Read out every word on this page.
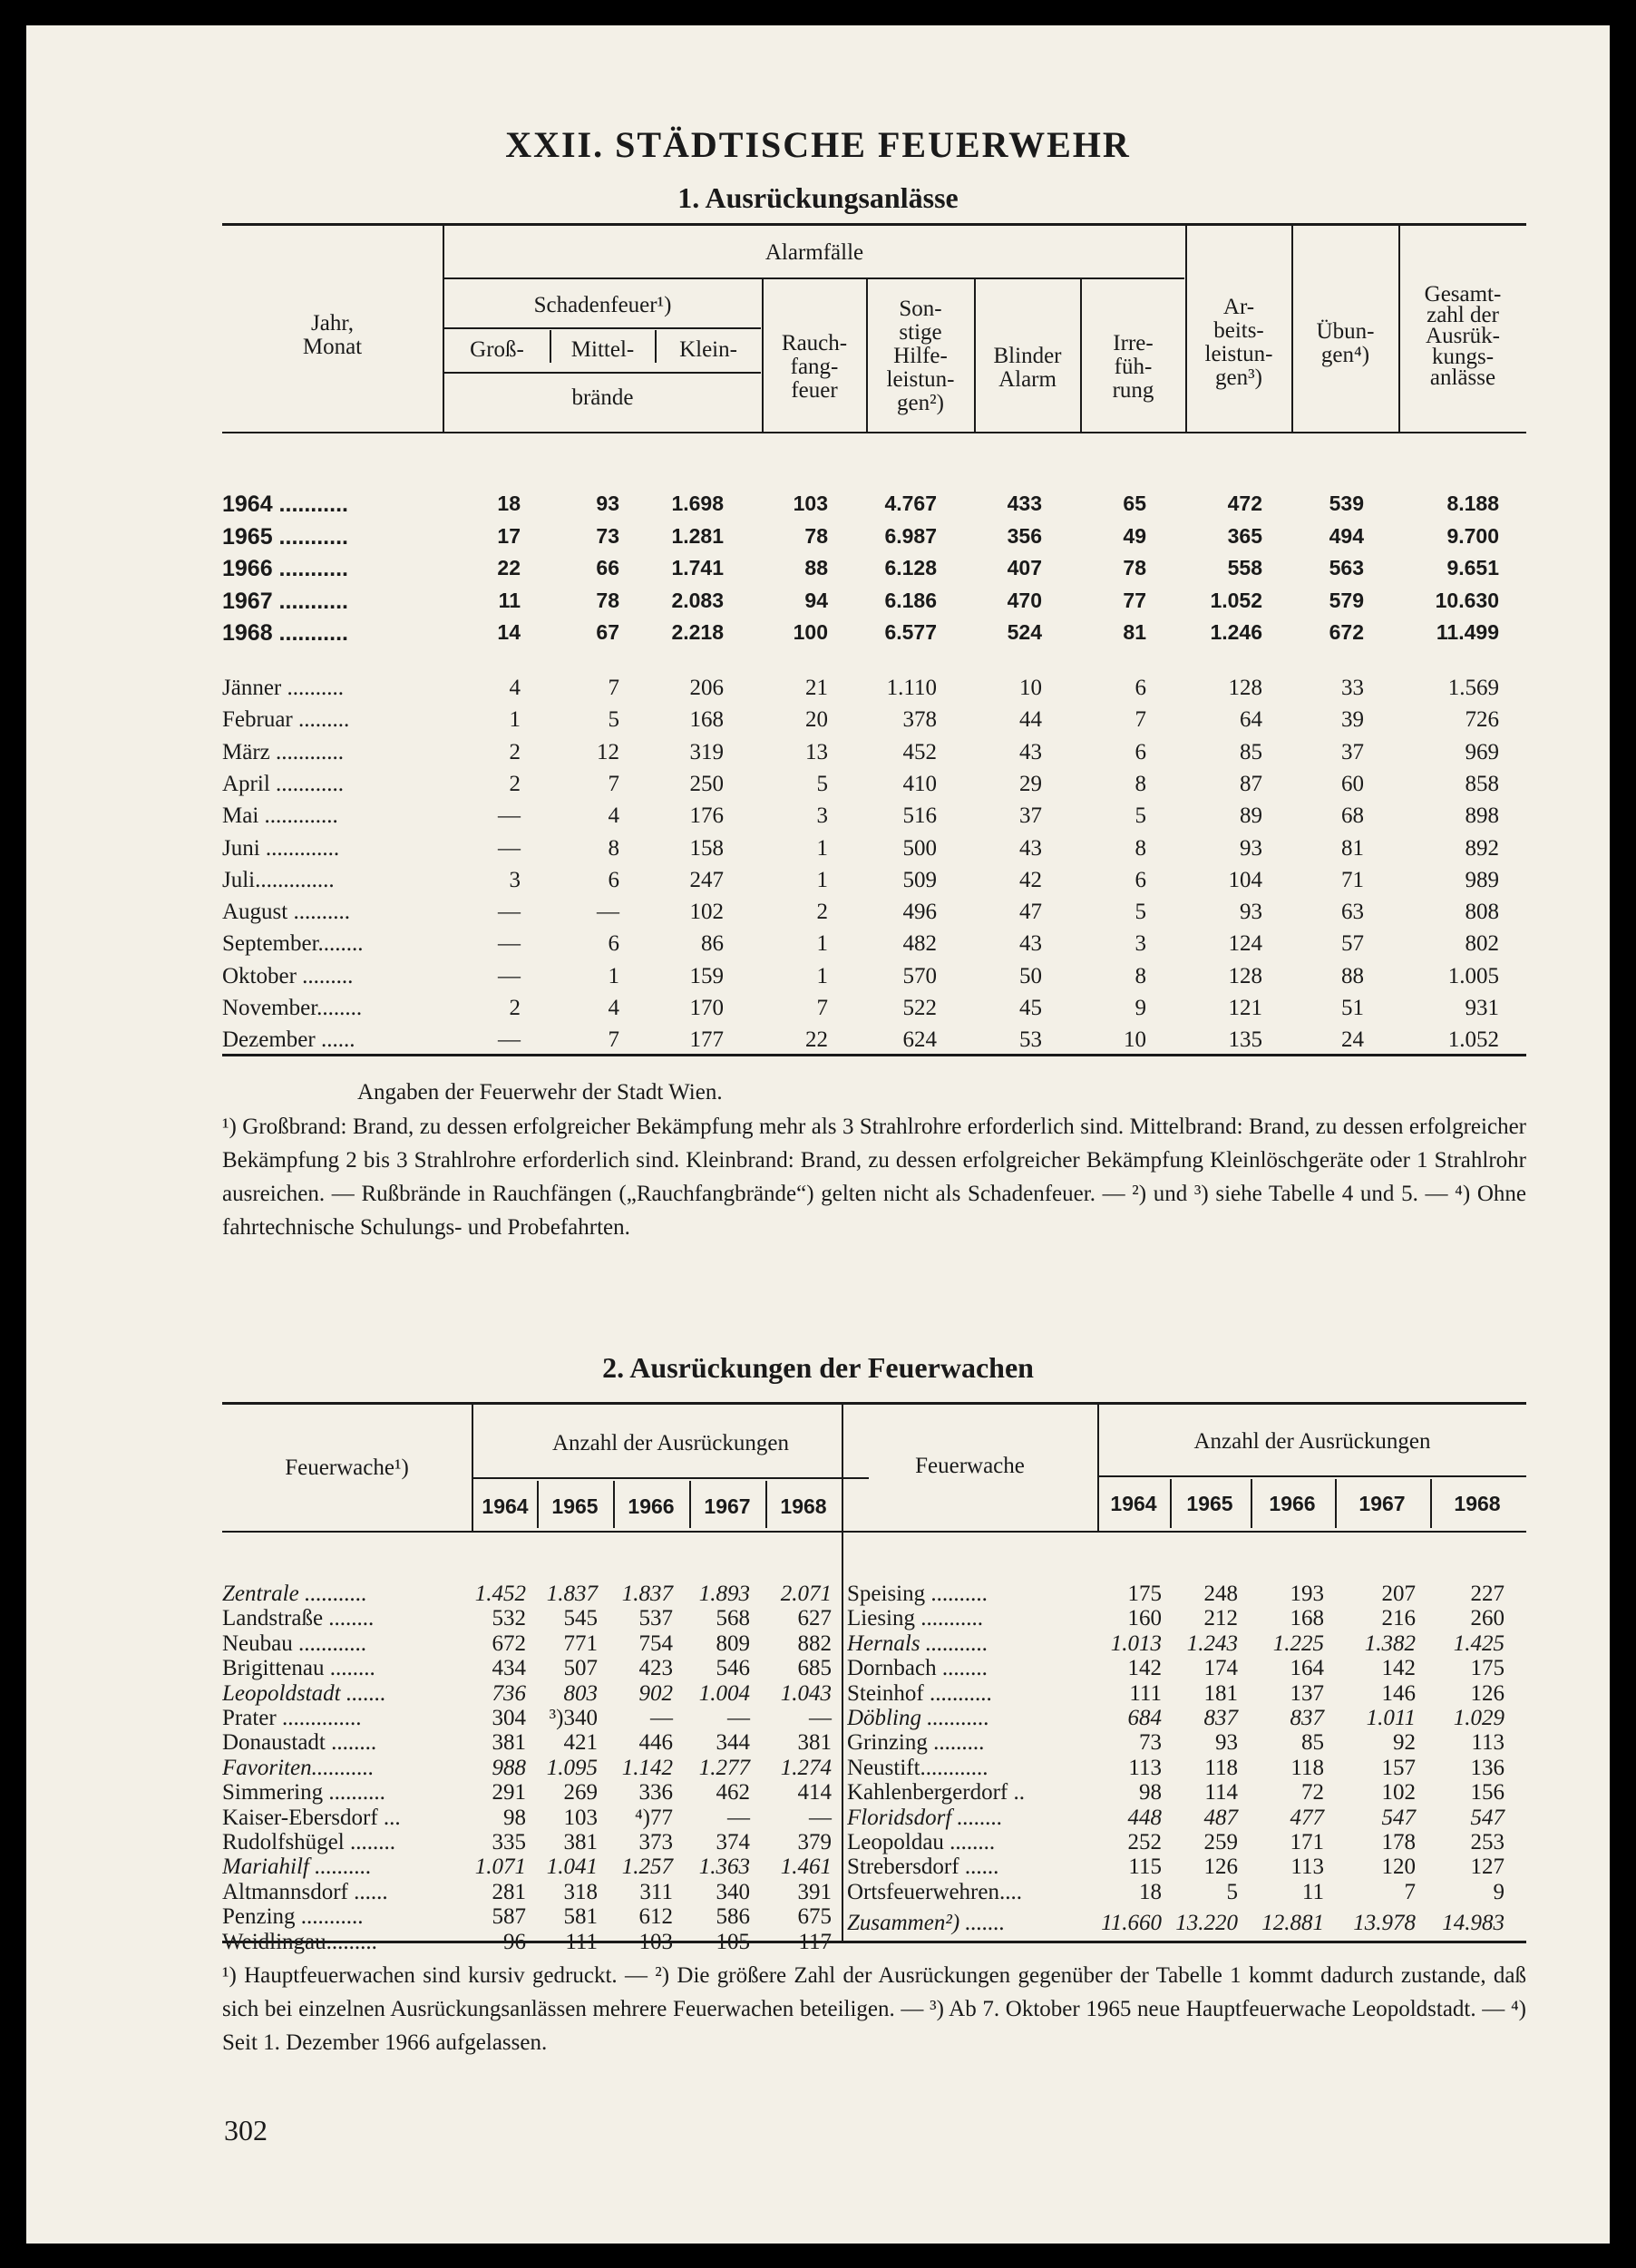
XXII. STÄDTISCHE FEUERWEHR
1. Ausrückungsanlässe
Jahr,
Monat
Alarmfälle
Schadenfeuer¹)
Groß-	Mittel-	Klein-
brände
Rauch-
fang-
feuer
Son-
stige
Hilfe-
leistun-
gen²)
Blinder
Alarm
Irre-
füh-
rung
Ar-
beits-
leistun-
gen³)
Übun-
gen⁴)
Gesamt-
zahl der
Ausrük-
kungs-
anlässe
1964 ...........	18	93	1.698	103	4.767	433	65	472	539	8.188
1965 ...........	17	73	1.281	78	6.987	356	49	365	494	9.700
1966 ...........	22	66	1.741	88	6.128	407	78	558	563	9.651
1967 ...........	11	78	2.083	94	6.186	470	77	1.052	579	10.630
1968 ...........	14	67	2.218	100	6.577	524	81	1.246	672	11.499
Jänner ..........	4	7	206	21	1.110	10	6	128	33	1.569
Februar .........	1	5	168	20	378	44	7	64	39	726
März ............	2	12	319	13	452	43	6	85	37	969
April ............	2	7	250	5	410	29	8	87	60	858
Mai .............	—	4	176	3	516	37	5	89	68	898
Juni .............	—	8	158	1	500	43	8	93	81	892
Juli..............	3	6	247	1	509	42	6	104	71	989
August ..........	—	—	102	2	496	47	5	93	63	808
September........	—	6	86	1	482	43	3	124	57	802
Oktober .........	—	1	159	1	570	50	8	128	88	1.005
November........	2	4	170	7	522	45	9	121	51	931
Dezember ......	—	7	177	22	624	53	10	135	24	1.052
Angaben der Feuerwehr der Stadt Wien.
¹) Großbrand: Brand, zu dessen erfolgreicher Bekämpfung mehr als 3 Strahlrohre erforderlich sind. Mittelbrand: Brand, zu dessen erfolgreicher Bekämpfung 2 bis 3 Strahlrohre erforderlich sind. Kleinbrand: Brand, zu dessen erfolgreicher Bekämpfung Kleinlöschgeräte oder 1 Strahlrohr ausreichen. — Rußbrände in Rauchfängen („Rauchfangbrände“) gelten nicht als Schadenfeuer. — ²) und ³) siehe Tabelle 4 und 5. — ⁴) Ohne fahrtechnische Schulungs- und Probefahrten.
2. Ausrückungen der Feuerwachen
Feuerwache¹)	Feuerwache
Anzahl der Ausrückungen	Anzahl der Ausrückungen
1964	1964
1965	1965
1966	1966
1967	1967
1968	1968
Zentrale ...........	1.452 1.837	1.837	1.893	2.071
Landstraße ........	532	545	537	568	627
Neubau ............	672	771	754	809	882
Brigittenau ........	434	507	423	546	685
Leopoldstadt .......	736	803	902	1.004	1.043
Prater ..............	304	³)340	—	—	—
Donaustadt ........	381	421	446	344	381
Favoriten...........	988 1.095	1.142	1.277	1.274
Simmering ..........	291	269	336	462	414
Kaiser-Ebersdorf ...	98	103	⁴)77	—	—
Rudolfshügel ........	335	381	373	374	379
Mariahilf ..........	1.071 1.041	1.257	1.363	1.461
Altmannsdorf ......	281	318	311	340	391
Penzing ...........	587	581	612	586	675
Weidlingau.........	96	111	103	105	117
Speising ..........	175	248	193	207	227
Liesing ...........	160	212	168	216	260
Hernals ...........	1.013	1.243	1.225	1.382	1.425
Dornbach ........	142	174	164	142	175
Steinhof ...........	111	181	137	146	126
Döbling ...........	684	837	837	1.011	1.029
Grinzing .........	73	93	85	92	113
Neustift............	113	118	118	157	136
Kahlenbergerdorf ..	98	114	72	102	156
Floridsdorf ........	448	487	477	547	547
Leopoldau ........	252	259	171	178	253
Strebersdorf ......	115	126	113	120	127
Ortsfeuerwehren....	18	5	11	7	9
Zusammen²) .......	11.660 13.220	12.881	13.978	14.983
¹) Hauptfeuerwachen sind kursiv gedruckt. — ²) Die größere Zahl der Ausrückungen gegenüber der Tabelle 1 kommt dadurch zustande, daß sich bei einzelnen Ausrückungsanlässen mehrere Feuerwachen beteiligen. — ³) Ab 7. Oktober 1965 neue Hauptfeuerwache Leopoldstadt. — ⁴) Seit 1. Dezember 1966 aufgelassen.
302
